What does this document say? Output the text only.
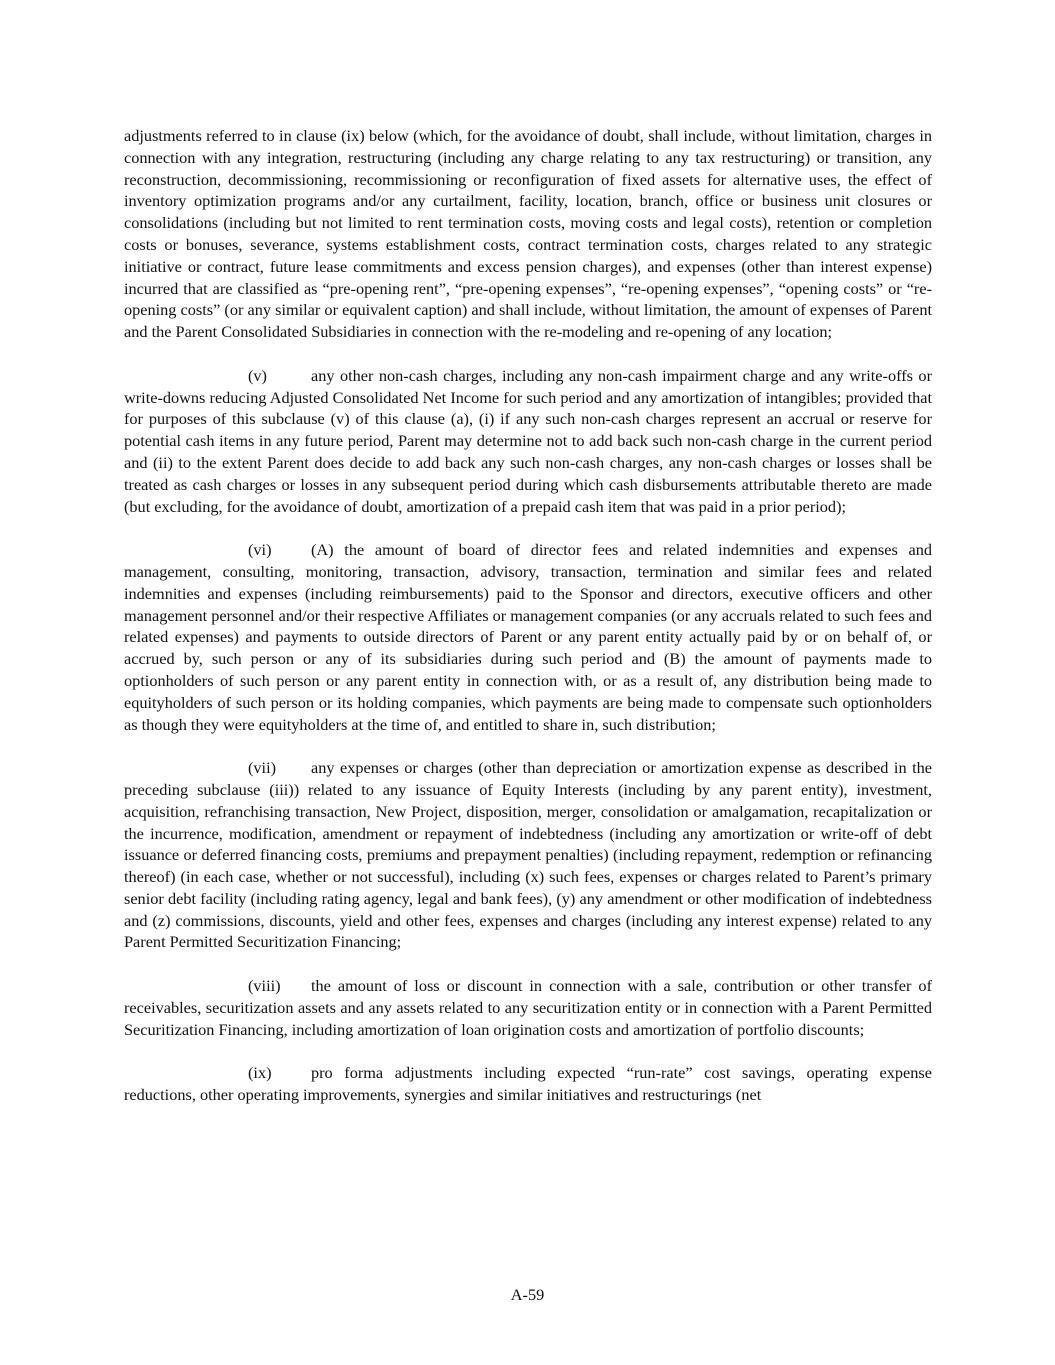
adjustments referred to in clause (ix) below (which, for the avoidance of doubt, shall include, without limitation, charges in connection with any integration, restructuring (including any charge relating to any tax restructuring) or transition, any reconstruction, decommissioning, recommissioning or reconfiguration of fixed assets for alternative uses, the effect of inventory optimization programs and/or any curtailment, facility, location, branch, office or business unit closures or consolidations (including but not limited to rent termination costs, moving costs and legal costs), retention or completion costs or bonuses, severance, systems establishment costs, contract termination costs, charges related to any strategic initiative or contract, future lease commitments and excess pension charges), and expenses (other than interest expense) incurred that are classified as “pre-opening rent”, “pre-opening expenses”, “re-opening expenses”, “opening costs” or “re-opening costs” (or any similar or equivalent caption) and shall include, without limitation, the amount of expenses of Parent and the Parent Consolidated Subsidiaries in connection with the re-modeling and re-opening of any location;

(v)	any other non-cash charges, including any non-cash impairment charge and any write-offs or write-downs reducing Adjusted Consolidated Net Income for such period and any amortization of intangibles; provided that for purposes of this subclause (v) of this clause (a), (i) if any such non-cash charges represent an accrual or reserve for potential cash items in any future period, Parent may determine not to add back such non-cash charge in the current period and (ii) to the extent Parent does decide to add back any such non-cash charges, any non-cash charges or losses shall be treated as cash charges or losses in any subsequent period during which cash disbursements attributable thereto are made (but excluding, for the avoidance of doubt, amortization of a prepaid cash item that was paid in a prior period);

(vi) (A) the amount of board of director fees and related indemnities and expenses and management, consulting, monitoring, transaction, advisory, transaction, termination and similar fees and related indemnities and expenses (including reimbursements) paid to the Sponsor and directors, executive officers and other management personnel and/or their respective Affiliates or management companies (or any accruals related to such fees and related expenses) and payments to outside directors of Parent or any parent entity actually paid by or on behalf of, or accrued by, such person or any of its subsidiaries during such period and (B) the amount of payments made to optionholders of such person or any parent entity in connection with, or as a result of, any distribution being made to equityholders of such person or its holding companies, which payments are being made to compensate such optionholders as though they were equityholders at the time of, and entitled to share in, such distribution;

(vii) any expenses or charges (other than depreciation or amortization expense as described in the preceding subclause (iii)) related to any issuance of Equity Interests (including by any parent entity), investment, acquisition, refranchising transaction, New Project, disposition, merger, consolidation or amalgamation, recapitalization or the incurrence, modification, amendment or repayment of indebtedness (including any amortization or write-off of debt issuance or deferred financing costs, premiums and prepayment penalties) (including repayment, redemption or refinancing thereof) (in each case, whether or not successful), including (x) such fees, expenses or charges related to Parent’s primary senior debt facility (including rating agency, legal and bank fees), (y) any amendment or other modification of indebtedness and (z) commissions, discounts, yield and other fees, expenses and charges (including any interest expense) related to any Parent Permitted Securitization Financing;

(viii) the amount of loss or discount in connection with a sale, contribution or other transfer of receivables, securitization assets and any assets related to any securitization entity or in connection with a Parent Permitted Securitization Financing, including amortization of loan origination costs and amortization of portfolio discounts;

(ix) pro forma adjustments including expected “run-rate” cost savings, operating expense reductions, other operating improvements, synergies and similar initiatives and restructurings (net

A-59
